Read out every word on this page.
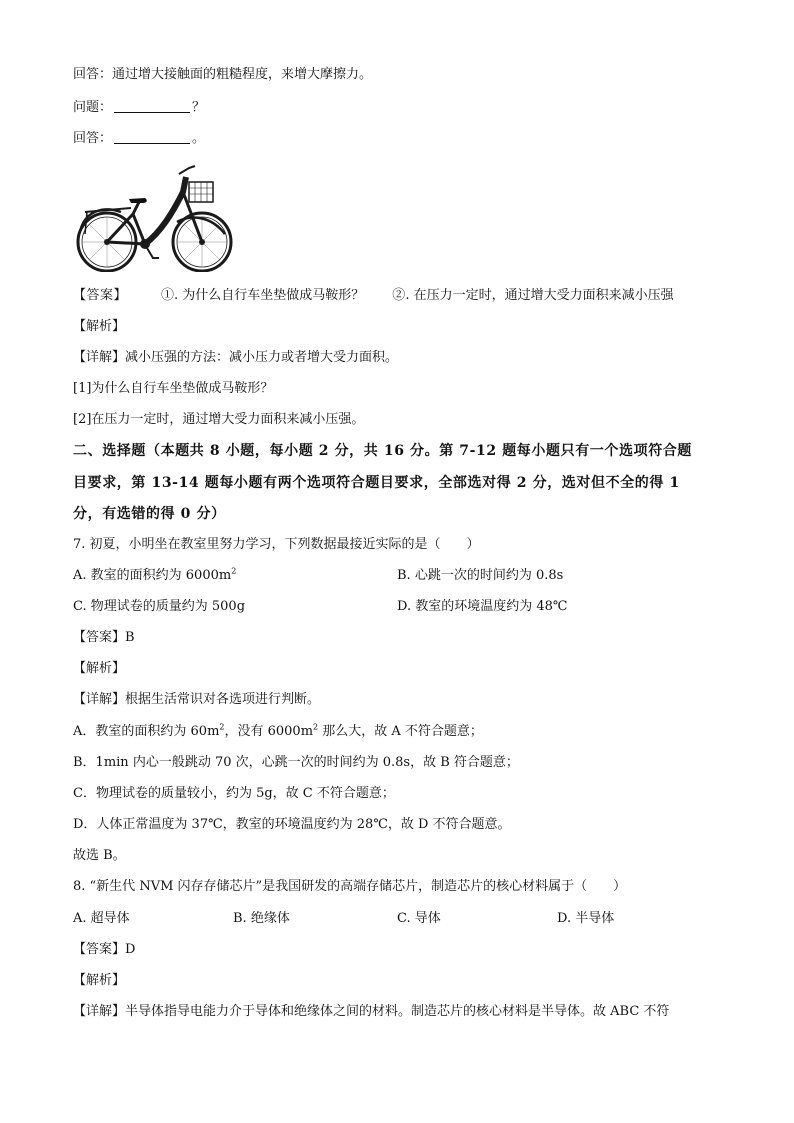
回答：通过增大接触面的粗糙程度，来增大摩擦力。
问题：	？
回答：	。
【答案】	①. 为什么自行车坐垫做成马鞍形？ ②. 在压力一定时，通过增大受力面积来减小压强
【解析】
【详解】减小压强的方法：减小压力或者增大受力面积。
[1]为什么自行车坐垫做成马鞍形？
[2]在压力一定时，通过增大受力面积来减小压强。
二、选择题（本题共 8 小题，每小题 2 分，共 16 分。第 7-12 题每小题只有一个选项符合题
目要求，第 13-14 题每小题有两个选项符合题目要求，全部选对得 2 分，选对但不全的得 1
分，有选错的得 0 分）
7. 初夏，小明坐在教室里努力学习，下列数据最接近实际的是（　　）
A. 教室的面积约为 $6000m^2$	B. 心跳一次的时间约为 0.8s
C. 物理试卷的质量约为 500g	D. 教室的环境温度约为 48℃
【答案】B
【解析】
【详解】根据生活常识对各选项进行判断。
A．教室的面积约为 $60m^2$，没有 $6000m^2$ 那么大，故 A 不符合题意；
B．1min 内心一般跳动 70 次，心跳一次的时间约为 0.8s，故 B 符合题意；
C．物理试卷的质量较小，约为 5g，故 C 不符合题意；
D．人体正常温度为 37℃，教室的环境温度约为 28℃，故 D 不符合题意。
故选 B。
8. “新生代 NVM 闪存存储芯片”是我国研发的高端存储芯片，制造芯片的核心材料属于（　　）
A. 超导体	B. 绝缘体	C. 导体	D. 半导体
【答案】D
【解析】
【详解】半导体指导电能力介于导体和绝缘体之间的材料。制造芯片的核心材料是半导体。故 ABC 不符
